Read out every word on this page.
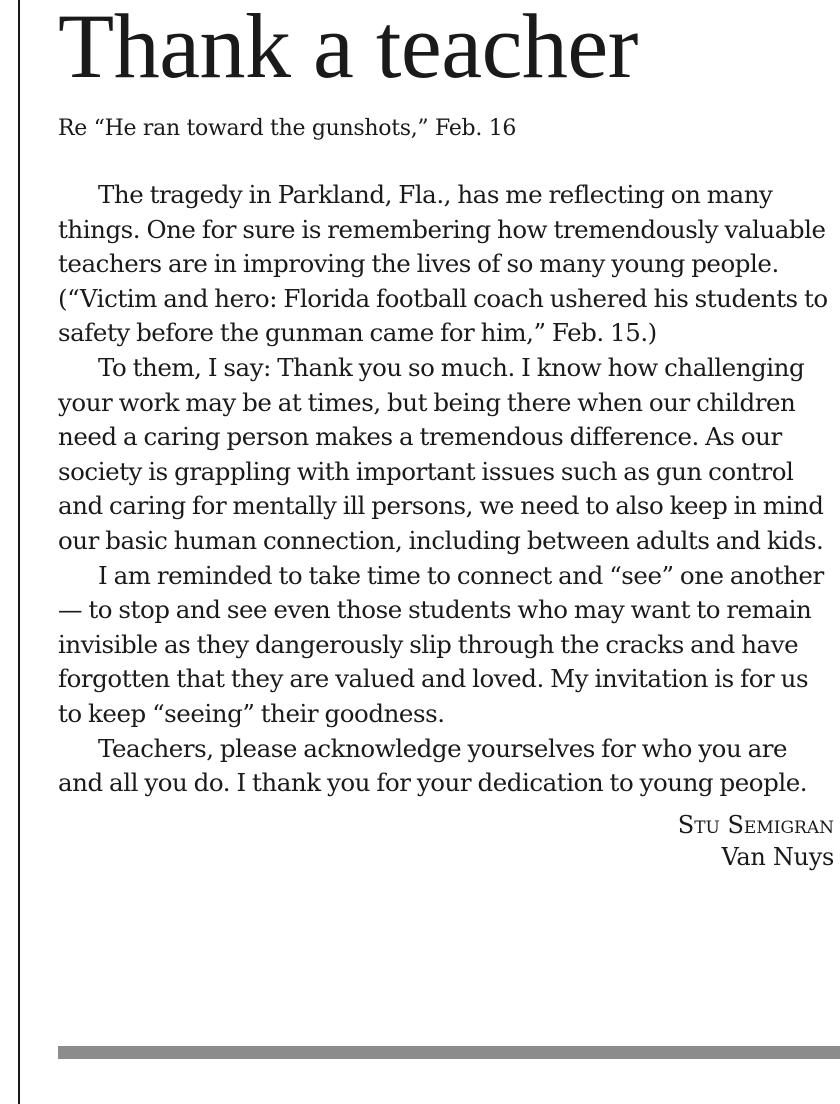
Thank a teacher
Re “He ran toward the gunshots,” Feb. 16

The tragedy in Parkland, Fla., has me reflecting on many things. One for sure is remembering how tremendously valuable teachers are in improving the lives of so many young people. (“Victim and hero: Florida football coach ushered his students to safety before the gunman came for him,” Feb. 15.)

To them, I say: Thank you so much. I know how challenging your work may be at times, but being there when our children need a caring person makes a tremendous difference. As our society is grappling with important issues such as gun control and caring for mentally ill persons, we need to also keep in mind our basic human connection, including between adults and kids.

I am reminded to take time to connect and “see” one another — to stop and see even those students who may want to remain invisible as they dangerously slip through the cracks and have forgotten that they are valued and loved. My invitation is for us to keep “seeing” their goodness.

Teachers, please acknowledge yourselves for who you are and all you do. I thank you for your dedication to young people.

Stu Semigran
Van Nuys
